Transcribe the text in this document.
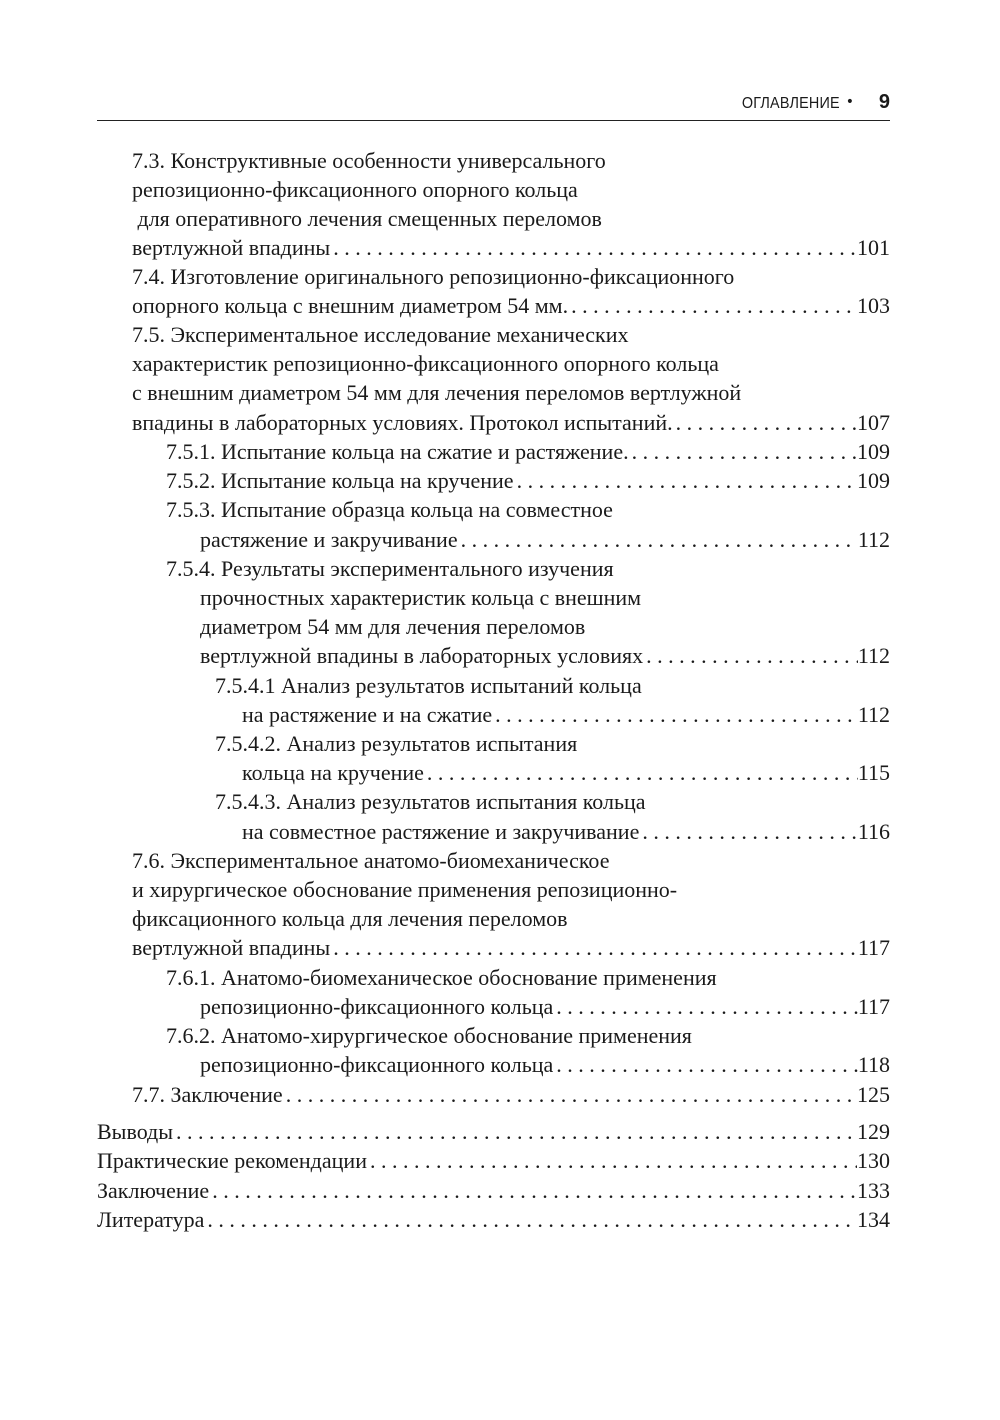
ОГЛАВЛЕНИЕ • 9
7.3. Конструктивные особенности универсального
репозиционно-фиксационного опорного кольца
для оперативного лечения смещенных переломов
вертлужной впадины . . .	101
7.4. Изготовление оригинального репозиционно-фиксационного
опорного кольца с внешним диаметром 54 мм. . . .	103
7.5. Экспериментальное исследование механических
характеристик репозиционно-фиксационного опорного кольца
с внешним диаметром 54 мм для лечения переломов вертлужной
впадины в лабораторных условиях. Протокол испытаний. . . .	107
7.5.1. Испытание кольца на сжатие и растяжение. . . .	109
7.5.2. Испытание кольца на кручение . . .	109
7.5.3. Испытание образца кольца на совместное
растяжение и закручивание . . .	112
7.5.4. Результаты экспериментального изучения
прочностных характеристик кольца с внешним
диаметром 54 мм для лечения переломов
вертлужной впадины в лабораторных условиях . . .	112
7.5.4.1 Анализ результатов испытаний кольца
на растяжение и на сжатие . . .	112
7.5.4.2. Анализ результатов испытания
кольца на кручение . . .	115
7.5.4.3. Анализ результатов испытания кольца
на совместное растяжение и закручивание . . .	116
7.6. Экспериментальное анатомо-биомеханическое
и хирургическое обоснование применения репозиционно-
фиксационного кольца для лечения переломов
вертлужной впадины . . .	117
7.6.1. Анатомо-биомеханическое обоснование применения
репозиционно-фиксационного кольца . . .	117
7.6.2. Анатомо-хирургическое обоснование применения
репозиционно-фиксационного кольца . . .	118
7.7. Заключение . . .	125
Выводы . . .	129
Практические рекомендации . . .	130
Заключение . . .	133
Литература . . .	134
